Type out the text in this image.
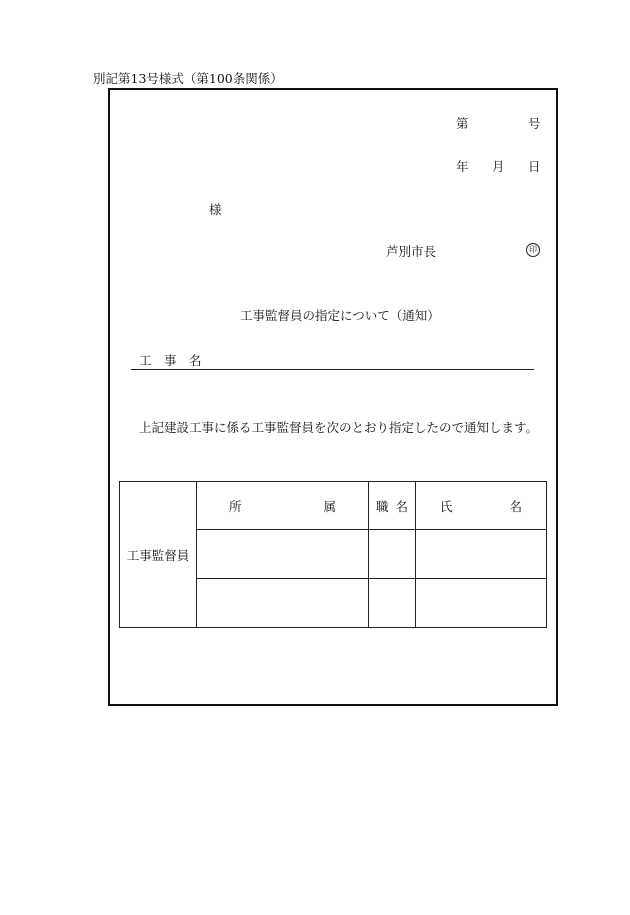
別記第13号様式（第100条関係）
第	号
年 月 日
様
芦別市長	印
工事監督員の指定について（通知）
工　事　名
上記建設工事に係る工事監督員を次のとおり指定したので通知します。
工事監督員	所 属	職 名	氏 名
